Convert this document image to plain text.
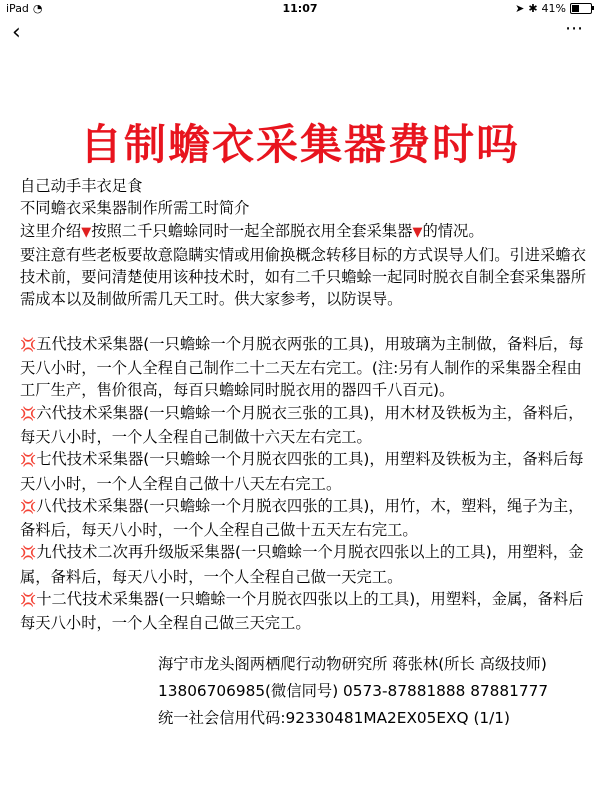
iPad ◔	11:07	➤ ✱ 41%
‹	⋯
自制蟾衣采集器费时吗

自己动手丰衣足食

不同蟾衣采集器制作所需工时简介

这里介绍▼按照二千只蟾蜍同时一起全部脱衣用全套采集器▼的情况。

要注意有些老板要故意隐瞒实情或用偷换概念转移目标的方式误导人们。引进采蟾衣技术前，要问清楚使用该种技术时，如有二千只蟾蜍一起同时脱衣自制全套采集器所需成本以及制做所需几天工时。供大家参考，以防误导。

💢五代技术采集器(一只蟾蜍一个月脱衣两张的工具)，用玻璃为主制做，备料后，每天八小时，一个人全程自己制作二十二天左右完工。(注:另有人制作的采集器全程由工厂生产，售价很高，每百只蟾蜍同时脱衣用的器四千八百元)。

💢六代技术采集器(一只蟾蜍一个月脱衣三张的工具)，用木材及铁板为主，备料后，每天八小时，一个人全程自己制做十六天左右完工。

💢七代技术采集器(一只蟾蜍一个月脱衣四张的工具)，用塑料及铁板为主，备料后每天八小时，一个人全程自己做十八天左右完工。

💢八代技术采集器(一只蟾蜍一个月脱衣四张的工具)，用竹，木，塑料，绳子为主，备料后，每天八小时，一个人全程自己做十五天左右完工。

💢九代技术二次再升级版采集器(一只蟾蜍一个月脱衣四张以上的工具)，用塑料，金属，备料后，每天八小时，一个人全程自己做一天完工。

💢十二代技术采集器(一只蟾蜍一个月脱衣四张以上的工具)，用塑料，金属，备料后每天八小时，一个人全程自己做三天完工。

海宁市龙头阁两栖爬行动物研究所 蒋张林(所长 高级技师)
13806706985(微信同号) 0573-87881888 87881777
统一社会信用代码:92330481MA2EX05EXQ (1/1)
